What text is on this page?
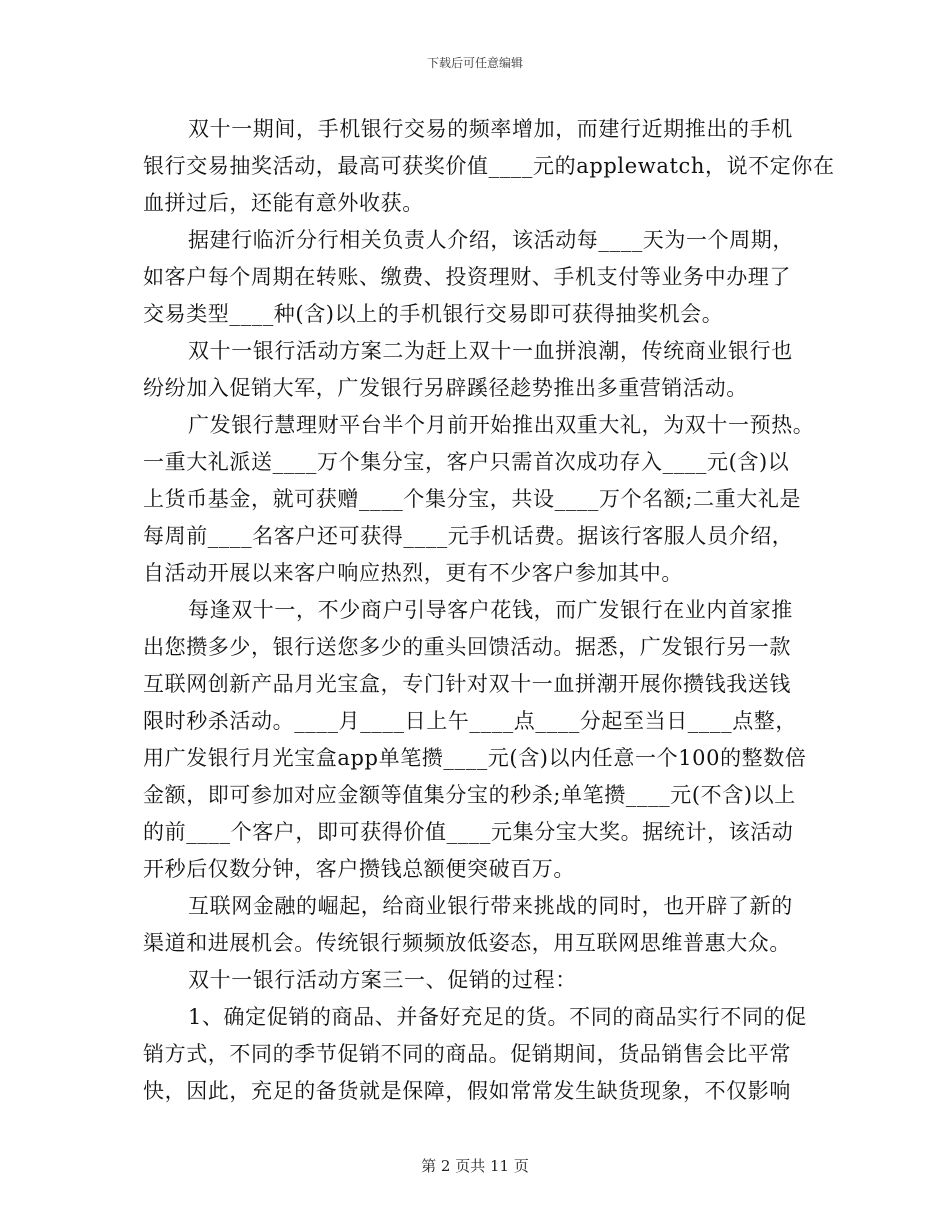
下载后可任意编辑
双十一期间，手机银行交易的频率增加，而建行近期推出的手机
银行交易抽奖活动，最高可获奖价值____元的applewatch，说不定你在
血拼过后，还能有意外收获。
据建行临沂分行相关负责人介绍，该活动每____天为一个周期，
如客户每个周期在转账、缴费、投资理财、手机支付等业务中办理了
交易类型____种(含)以上的手机银行交易即可获得抽奖机会。
双十一银行活动方案二为赶上双十一血拼浪潮，传统商业银行也
纷纷加入促销大军，广发银行另辟蹊径趁势推出多重营销活动。
广发银行慧理财平台半个月前开始推出双重大礼，为双十一预热。
一重大礼派送____万个集分宝，客户只需首次成功存入____元(含)以
上货币基金，就可获赠____个集分宝，共设____万个名额;二重大礼是
每周前____名客户还可获得____元手机话费。据该行客服人员介绍，
自活动开展以来客户响应热烈，更有不少客户参加其中。
每逢双十一，不少商户引导客户花钱，而广发银行在业内首家推
出您攒多少，银行送您多少的重头回馈活动。据悉，广发银行另一款
互联网创新产品月光宝盒，专门针对双十一血拼潮开展你攒钱我送钱
限时秒杀活动。____月____日上午____点____分起至当日____点整，
用广发银行月光宝盒app单笔攒____元(含)以内任意一个100的整数倍
金额，即可参加对应金额等值集分宝的秒杀;单笔攒____元(不含)以上
的前____个客户，即可获得价值____元集分宝大奖。据统计，该活动
开秒后仅数分钟，客户攒钱总额便突破百万。
互联网金融的崛起，给商业银行带来挑战的同时，也开辟了新的
渠道和进展机会。传统银行频频放低姿态，用互联网思维普惠大众。
双十一银行活动方案三一、促销的过程：
1、确定促销的商品、并备好充足的货。不同的商品实行不同的促
销方式，不同的季节促销不同的商品。促销期间，货品销售会比平常
快，因此，充足的备货就是保障，假如常常发生缺货现象，不仅影响
第 2 页共 11 页
